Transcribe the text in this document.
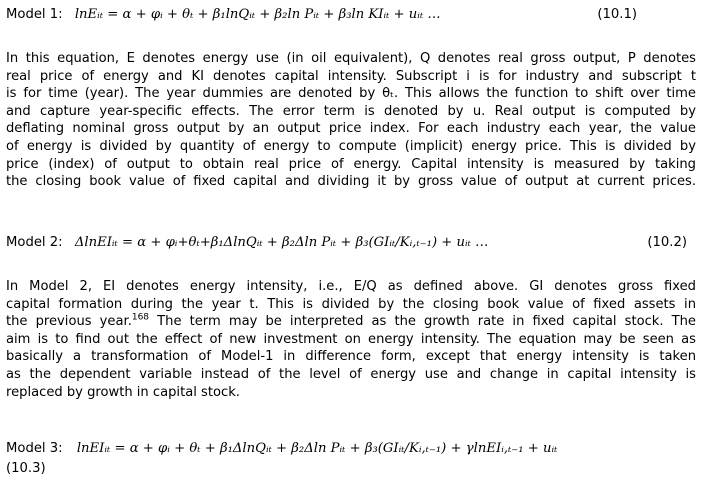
Model 1: lnEᵢₜ = α + φᵢ + θₜ + β₁lnQᵢₜ + β₂ln Pᵢₜ + β₃ln KIᵢₜ + uᵢₜ …	(10.1)
In this equation, E denotes energy use (in oil equivalent), Q denotes real gross output, P denotes
real price of energy and KI denotes capital intensity. Subscript i is for industry and subscript t
is for time (year). The year dummies are denoted by θₜ. This allows the function to shift over time
and capture year-specific effects. The error term is denoted by u. Real output is computed by
deflating nominal gross output by an output price index. For each industry each year, the value
of energy is divided by quantity of energy to compute (implicit) energy price. This is divided by
price (index) of output to obtain real price of energy. Capital intensity is measured by taking
the closing book value of fixed capital and dividing it by gross value of output at current prices.
Model 2: ΔlnEIᵢₜ = α + φᵢ+θₜ+β₁ΔlnQᵢₜ + β₂Δln Pᵢₜ + β₃(GIᵢₜ/Kᵢ,ₜ₋₁) + uᵢₜ …	(10.2)
In Model 2, EI denotes energy intensity, i.e., E/Q as defined above. GI denotes gross fixed
capital formation during the year t. This is divided by the closing book value of fixed assets in
the previous year.$^{168}$ The term may be interpreted as the growth rate in fixed capital stock. The
aim is to find out the effect of new investment on energy intensity. The equation may be seen as
basically a transformation of Model-1 in difference form, except that energy intensity is taken
as the dependent variable instead of the level of energy use and change in capital intensity is
replaced by growth in capital stock.
Model 3: lnEIᵢₜ = α + φᵢ + θₜ + β₁ΔlnQᵢₜ + β₂Δln Pᵢₜ + β₃(GIᵢₜ/Kᵢ,ₜ₋₁) + γlnEIᵢ,ₜ₋₁ + uᵢₜ
(10.3)
